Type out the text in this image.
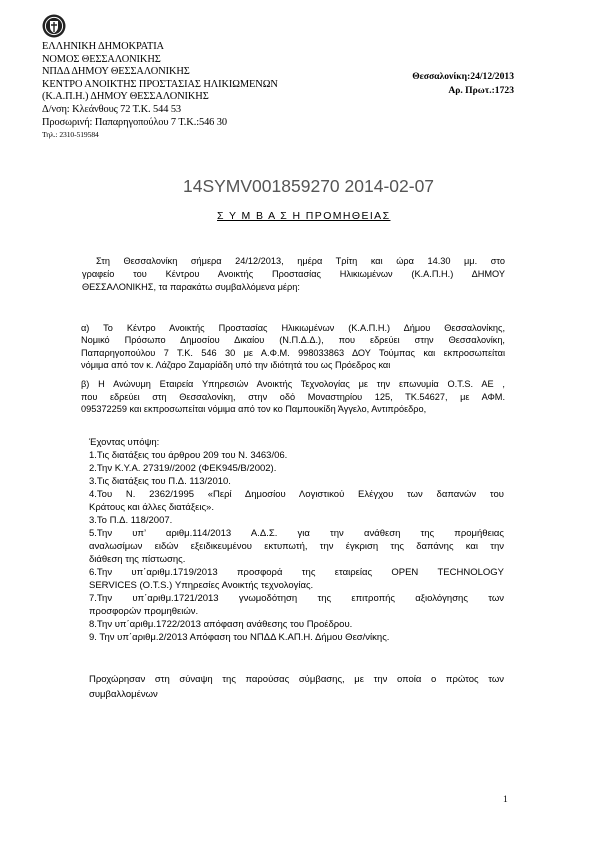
ΕΛΛΗΝΙΚΗ ΔΗΜΟΚΡΑΤΙΑ
ΝΟΜΟΣ ΘΕΣΣΑΛΟΝΙΚΗΣ
ΝΠΔΔ ΔΗΜΟΥ ΘΕΣΣΑΛΟΝΙΚΗΣ
ΚΕΝΤΡΟ ΑΝΟΙΚΤΗΣ ΠΡΟΣΤΑΣΙΑΣ ΗΛΙΚΙΩΜΕΝΩΝ
(Κ.Α.Π.Η.) ΔΗΜΟΥ ΘΕΣΣΑΛΟΝΙΚΗΣ
Δ/νση: Κλεάνθους 72 Τ.Κ. 544 53
Προσωρινή: Παπαρηγοπούλου 7 Τ.Κ.:546 30
Τηλ.: 2310-519584
Θεσσαλονίκη:24/12/2013
Αρ. Πρωτ.:1723
14SYMV001859270 2014-02-07
Σ Υ Μ Β Α Σ Η ΠΡΟΜΗΘΕΙΑΣ
Στη Θεσσαλονίκη σήμερα 24/12/2013, ημέρα Τρίτη και ώρα 14.30 μμ. στο
γραφείο του Κέντρου Ανοικτής Προστασίας Ηλικιωμένων (Κ.Α.Π.Η.) ΔΗΜΟΥ
ΘΕΣΣΑΛΟΝΙΚΗΣ, τα παρακάτω συμβαλλόμενα μέρη:
α) Το Κέντρο Ανοικτής Προστασίας Ηλικιωμένων (Κ.Α.Π.Η.) Δήμου Θεσσαλονίκης,
Νομικό Πρόσωπο Δημοσίου Δικαίου (Ν.Π.Δ.Δ.), που εδρεύει στην Θεσσαλονίκη,
Παπαρηγοπούλου 7 Τ.Κ. 546 30 με Α.Φ.Μ. 998033863 ΔΟΥ Τούμπας και εκπροσωπείται
νόμιμα από τον κ. Λάζαρο Ζαμαρίάδη υπό την ιδιότητά του ως Πρόεδρος και
β) Η Ανώνυμη Εταιρεία Υπηρεσιών Ανοικτής Τεχνολογίας με την επωνυμία O.T.S. AE ,
που εδρεύει στη Θεσσαλονίκη, στην οδό Μοναστηρίου 125, ΤΚ.54627, με ΑΦΜ.
095372259 και εκπροσωπείται νόμιμα από τον κο Παμπουκίδη Άγγελο, Αντιπρόεδρο,
Έχοντας υπόψη:
1.Τις διατάξεις του άρθρου 209 του Ν. 3463/06.
2.Την Κ.Υ.Α. 27319//2002 (ΦΕΚ945/Β/2002).
3.Τις διατάξεις του Π.Δ. 113/2010.
4.Του Ν. 2362/1995 «Περί Δημοσίου Λογιστικού Ελέγχου των δαπανών του
Κράτους και άλλες διατάξεις».
3.Το Π.Δ. 118/2007.
5.Την υπ’ αριθμ.114/2013 Α.Δ.Σ. για την ανάθεση της προμήθειας
αναλωσίμων ειδών εξειδικευμένου εκτυπωτή, την έγκριση της δαπάνης και την
διάθεση της πίστωσης.
6.Την υπ΄αριθμ.1719/2013 προσφορά της εταιρείας OPEN TECHNOLOGY
SERVICES (O.T.S.) Υπηρεσίες Ανοικτής τεχνολογίας.
7.Την υπ΄αριθμ.1721/2013 γνωμοδότηση της επιτροπής αξιολόγησης των
προσφορών προμηθειών.
8.Την υπ΄αριθμ.1722/2013 απόφαση ανάθεσης του Προέδρου.
9. Την υπ΄αριθμ.2/2013 Απόφαση του ΝΠΔΔ Κ.ΑΠ.Η. Δήμου Θεσ/νίκης.
Προχώρησαν στη σύναψη της παρούσας σύμβασης, με την οποία ο πρώτος των
συμβαλλομένων
1
